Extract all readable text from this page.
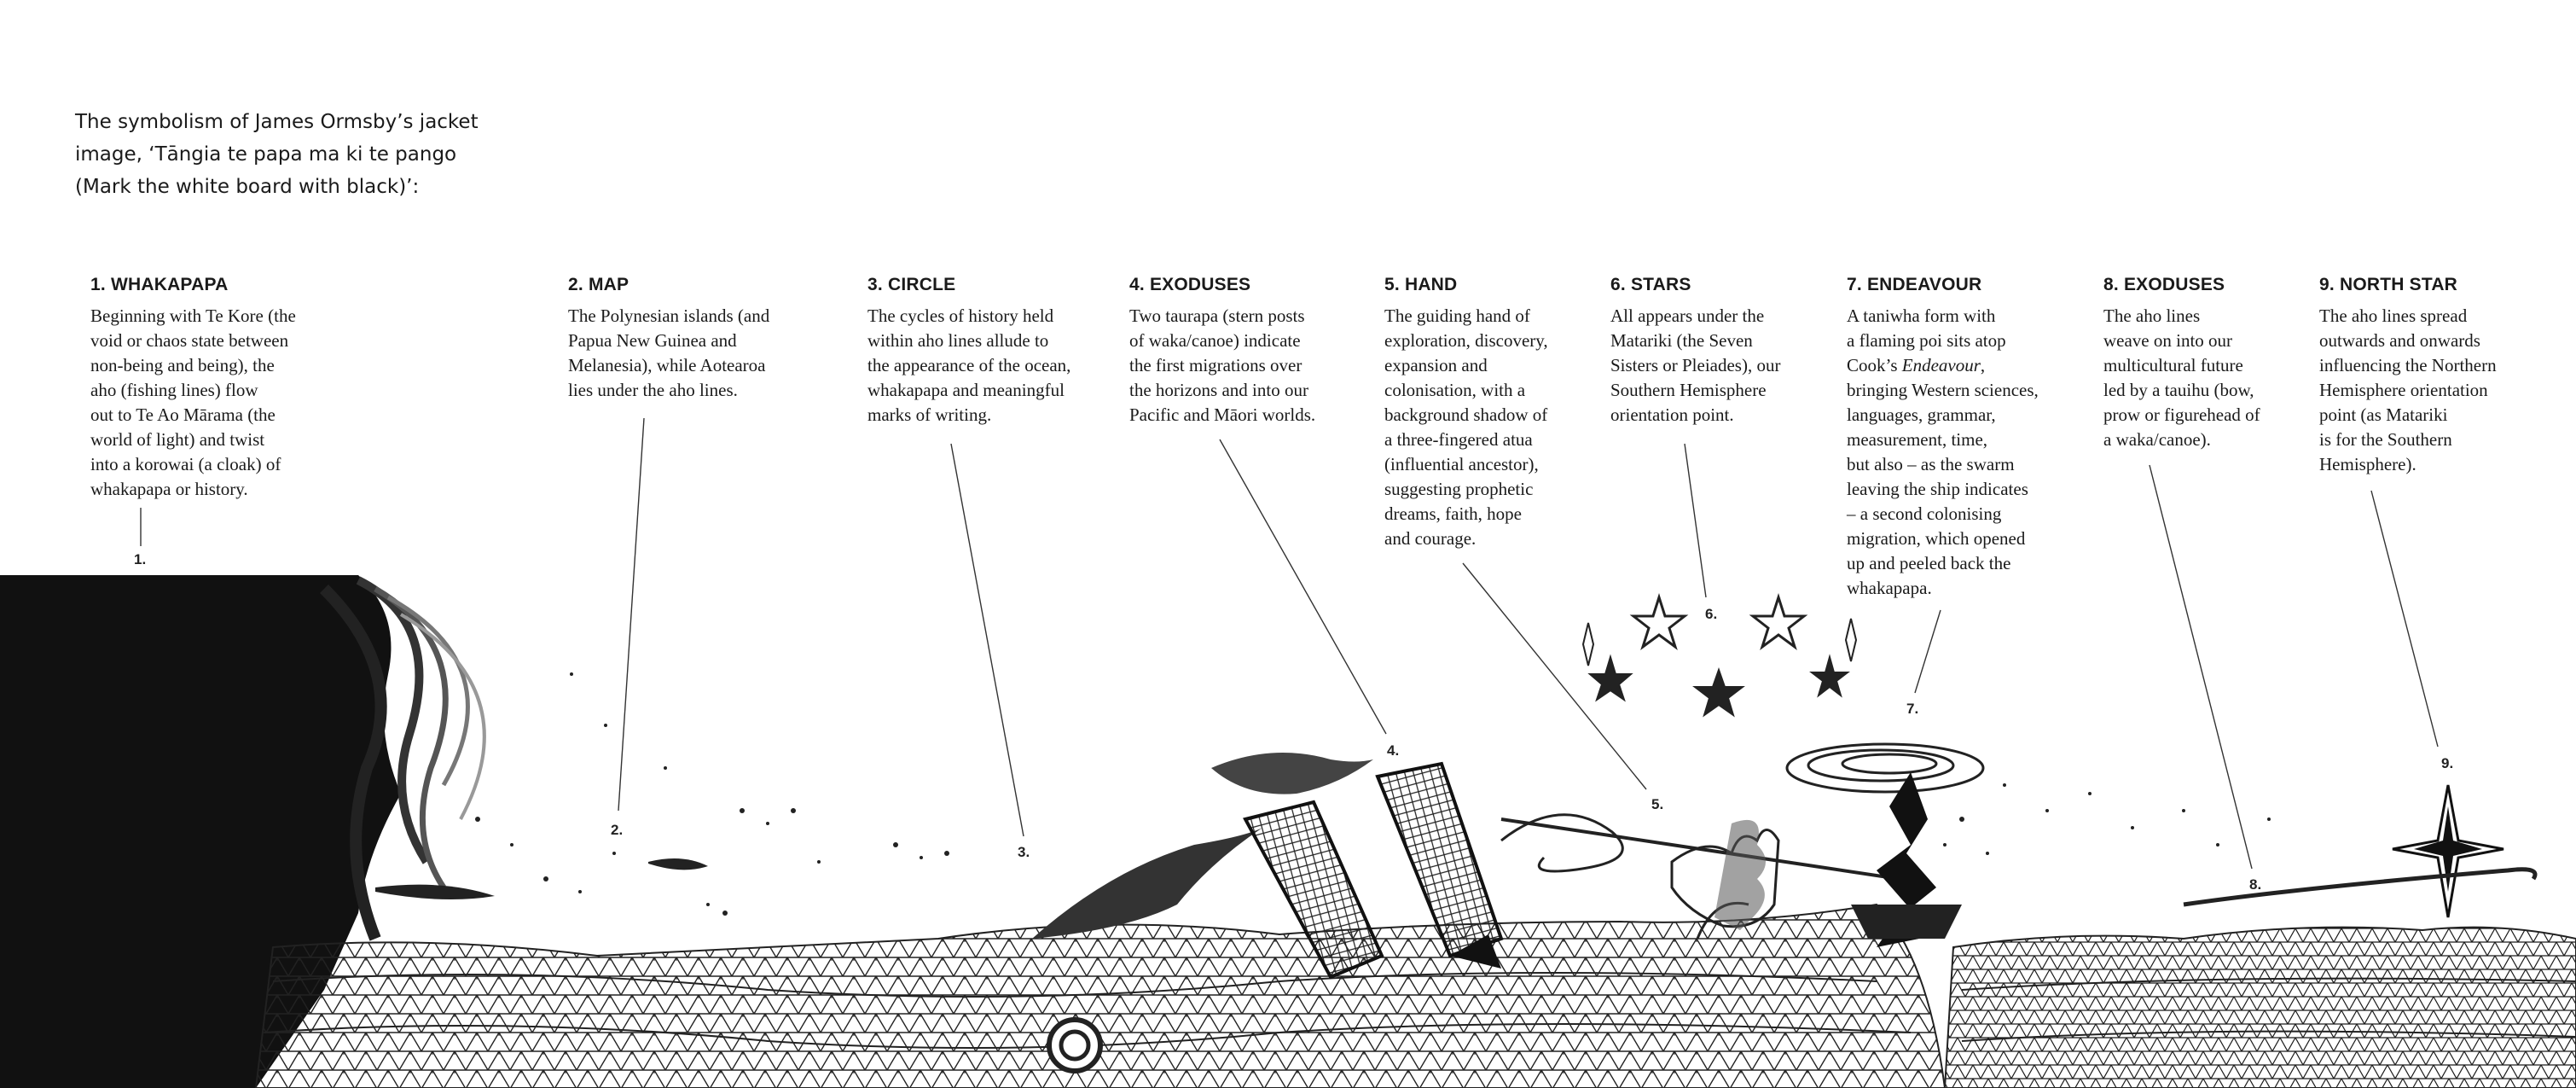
1.
2.
3.
4.
5.
6.
7.
8.
9.
The symbolism of James Ormsby’s jacket
image, ‘Tāngia te papa ma ki te pango
(Mark the white board with black)’:
1. WHAKAPAPA

Beginning with Te Kore (the
void or chaos state between
non-being and being), the
aho (fishing lines) flow
out to Te Ao Mārama (the
world of light) and twist
into a korowai (a cloak) of
whakapapa or history.

2. MAP

The Polynesian islands (and
Papua New Guinea and
Melanesia), while Aotearoa
lies under the aho lines.

3. CIRCLE

The cycles of history held
within aho lines allude to
the appearance of the ocean,
whakapapa and meaningful
marks of writing.

4. EXODUSES

Two taurapa (stern posts
of waka/canoe) indicate
the first migrations over
the horizons and into our
Pacific and Māori worlds.

5. HAND

The guiding hand of
exploration, discovery,
expansion and
colonisation, with a
background shadow of
a three-fingered atua
(influential ancestor),
suggesting prophetic
dreams, faith, hope
and courage.

6. STARS

All appears under the
Matariki (the Seven
Sisters or Pleiades), our
Southern Hemisphere
orientation point.

7. ENDEAVOUR

A taniwha form with
a flaming poi sits atop
Cook’s Endeavour,
bringing Western sciences,
languages, grammar,
measurement, time,
but also – as the swarm
leaving the ship indicates
– a second colonising
migration, which opened
up and peeled back the
whakapapa.

8. EXODUSES

The aho lines
weave on into our
multicultural future
led by a tauihu (bow,
prow or figurehead of
a waka/canoe).

9. NORTH STAR

The aho lines spread
outwards and onwards
influencing the Northern
Hemisphere orientation
point (as Matariki
is for the Southern
Hemisphere).
